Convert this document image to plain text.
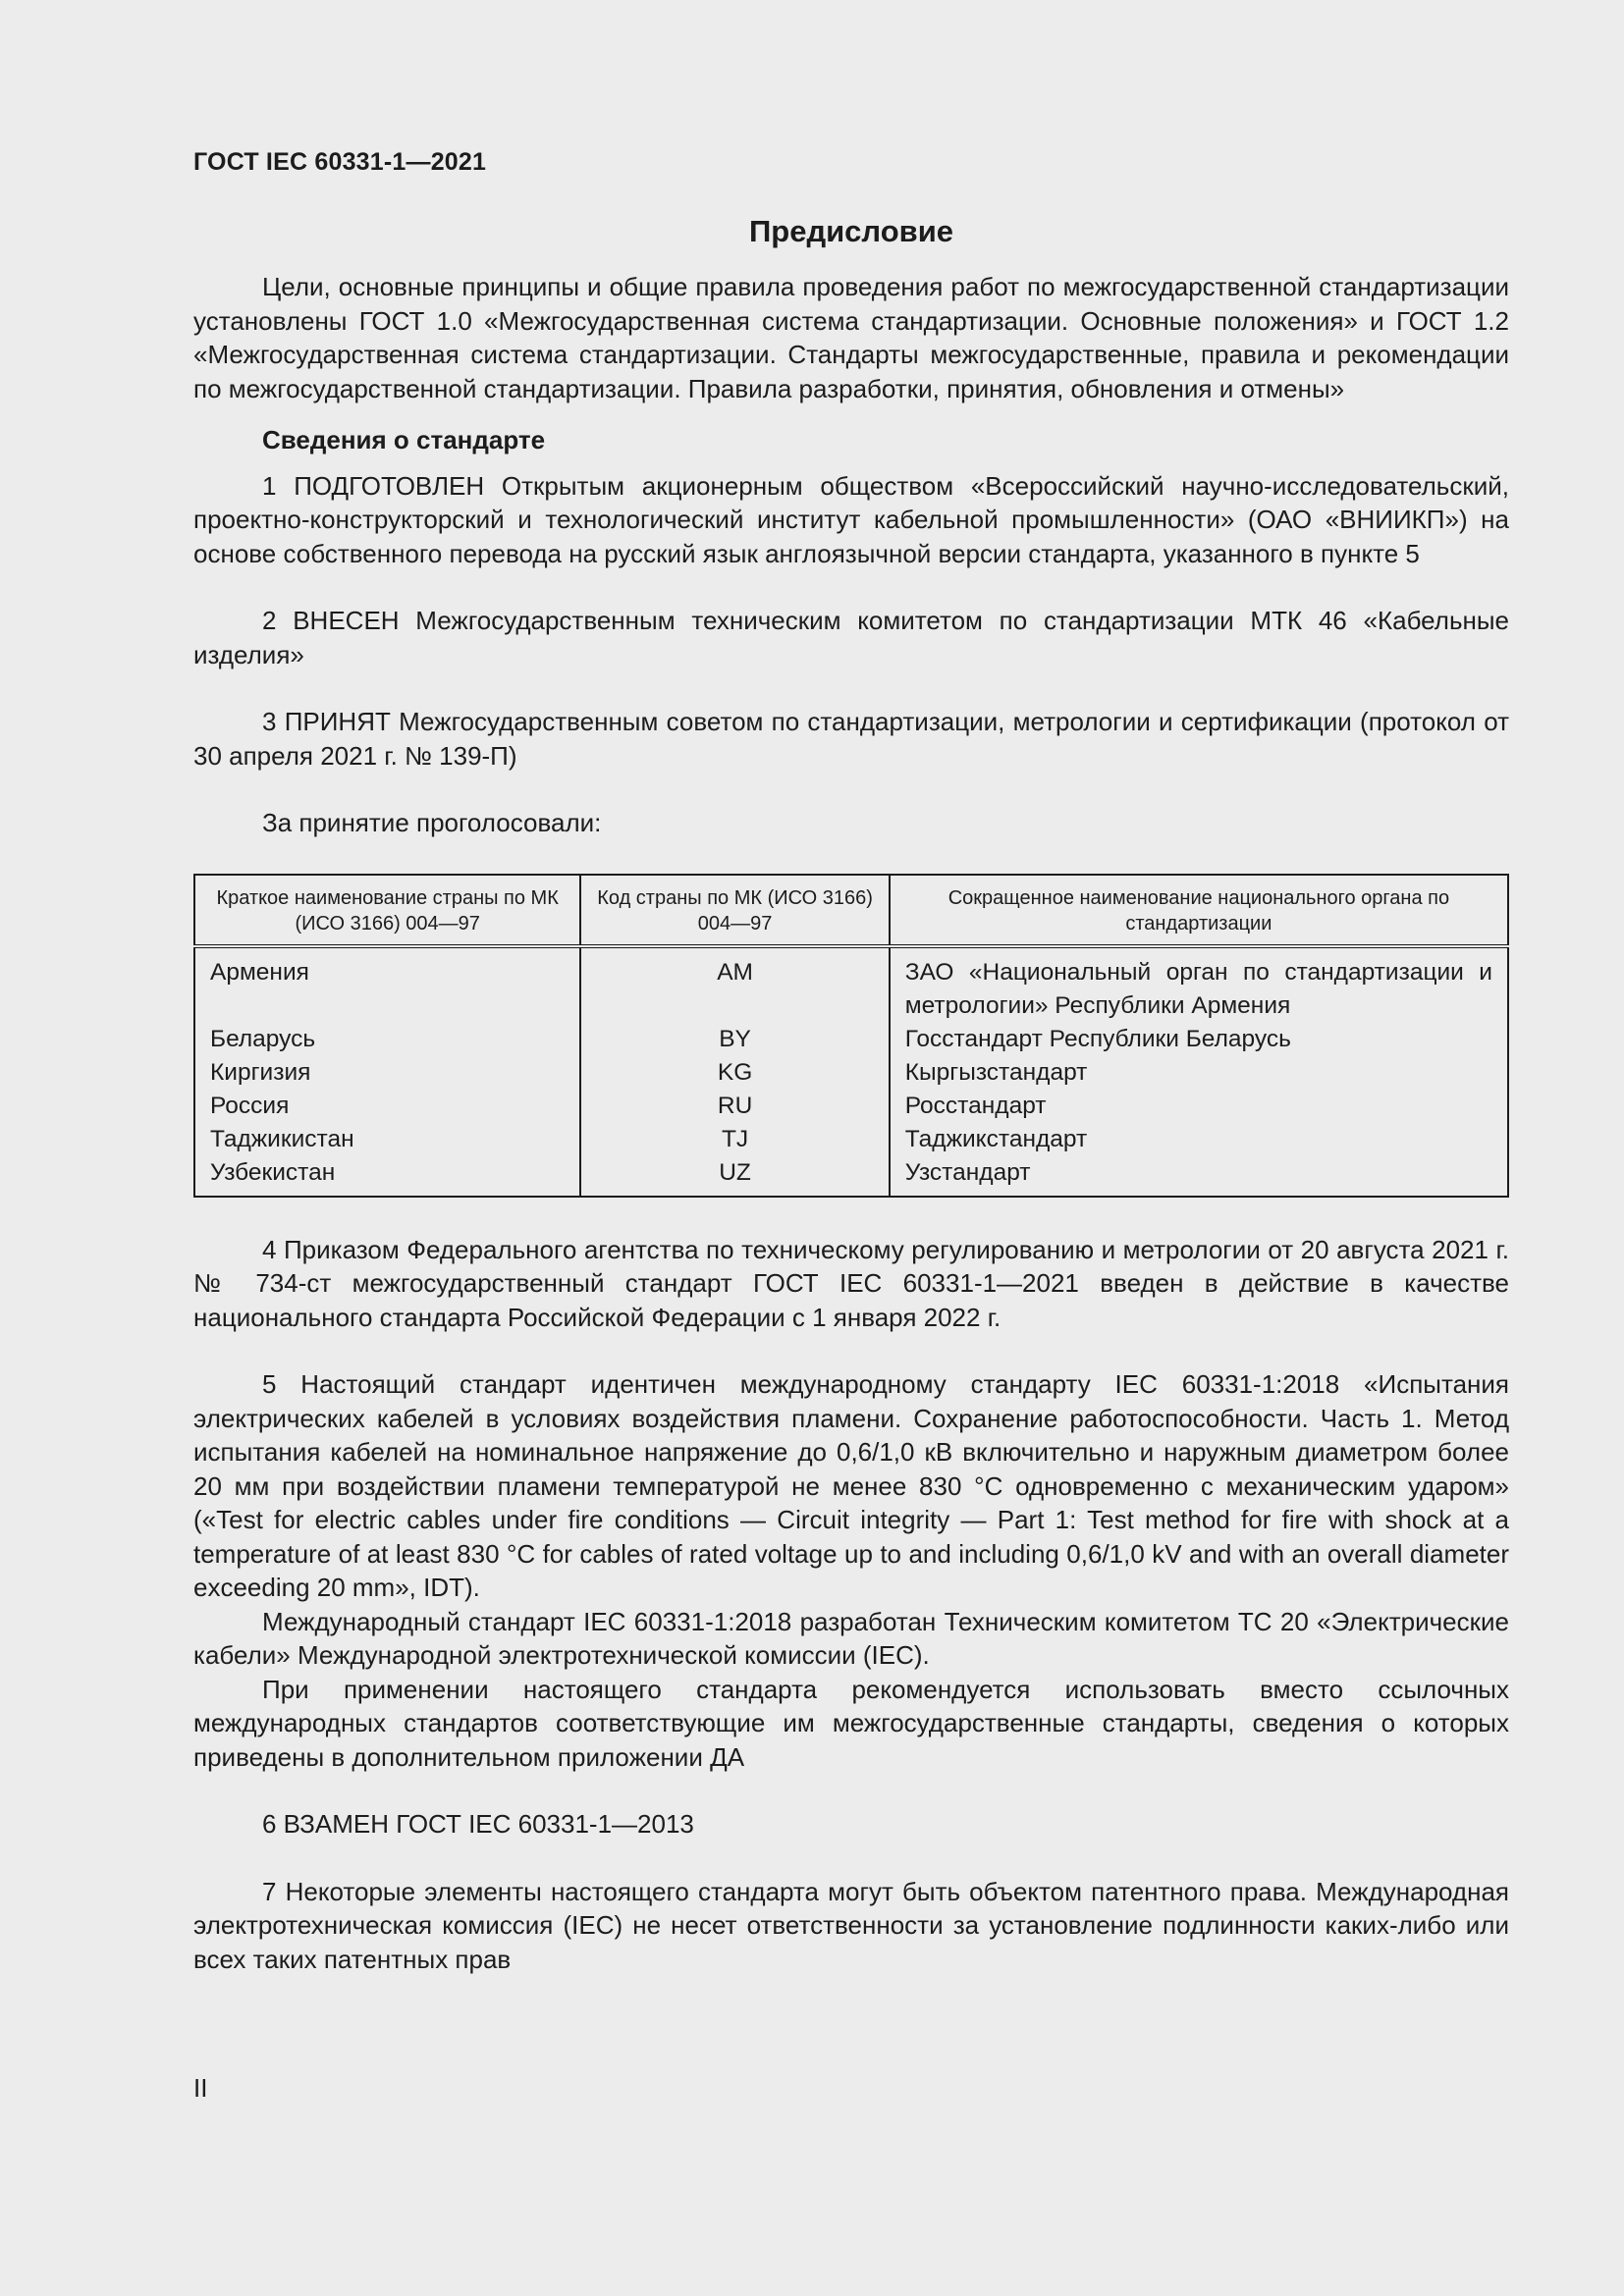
ГОСТ IEC 60331-1—2021
Предисловие

Цели, основные принципы и общие правила проведения работ по межгосударственной стандартизации установлены ГОСТ 1.0 «Межгосударственная система стандартизации. Основные положения» и ГОСТ 1.2 «Межгосударственная система стандартизации. Стандарты межгосударственные, правила и рекомендации по межгосударственной стандартизации. Правила разработки, принятия, обновления и отмены»

Сведения о стандарте

1 ПОДГОТОВЛЕН Открытым акционерным обществом «Всероссийский научно-исследовательский, проектно-конструкторский и технологический институт кабельной промышленности» (ОАО «ВНИИКП») на основе собственного перевода на русский язык англоязычной версии стандарта, указанного в пункте 5

2 ВНЕСЕН Межгосударственным техническим комитетом по стандартизации МТК 46 «Кабельные изделия»

3 ПРИНЯТ Межгосударственным советом по стандартизации, метрологии и сертификации (протокол от 30 апреля 2021 г. № 139-П)

За принятие проголосовали:

Краткое наименование страны по МК (ИСО 3166) 004—97	Код страны по МК (ИСО 3166) 004—97	Сокращенное наименование национального органа по стандартизации
Армения	AM	ЗАО «Национальный орган по стандартизации и метрологии» Республики Армения
Беларусь	BY	Госстандарт Республики Беларусь
Киргизия	KG	Кыргызстандарт
Россия	RU	Росстандарт
Таджикистан	TJ	Таджикстандарт
Узбекистан	UZ	Узстандарт

4 Приказом Федерального агентства по техническому регулированию и метрологии от 20 августа 2021 г. № 734-ст межгосударственный стандарт ГОСТ IEC 60331-1—2021 введен в действие в качестве национального стандарта Российской Федерации с 1 января 2022 г.

5 Настоящий стандарт идентичен международному стандарту IEC 60331-1:2018 «Испытания электрических кабелей в условиях воздействия пламени. Сохранение работоспособности. Часть 1. Метод испытания кабелей на номинальное напряжение до 0,6/1,0 кВ включительно и наружным диаметром более 20 мм при воздействии пламени температурой не менее 830 °С одновременно с механическим ударом» («Test for electric cables under fire conditions — Circuit integrity — Part 1: Test method for fire with shock at a temperature of at least 830 °C for cables of rated voltage up to and including 0,6/1,0 kV and with an overall diameter exceeding 20 mm», IDT).

Международный стандарт IEC 60331-1:2018 разработан Техническим комитетом TC 20 «Электрические кабели» Международной электротехнической комиссии (IEC).

При применении настоящего стандарта рекомендуется использовать вместо ссылочных международных стандартов соответствующие им межгосударственные стандарты, сведения о которых приведены в дополнительном приложении ДА

6 ВЗАМЕН ГОСТ IEC 60331-1—2013

7 Некоторые элементы настоящего стандарта могут быть объектом патентного права. Международная электротехническая комиссия (IEC) не несет ответственности за установление подлинности каких-либо или всех таких патентных прав

II
